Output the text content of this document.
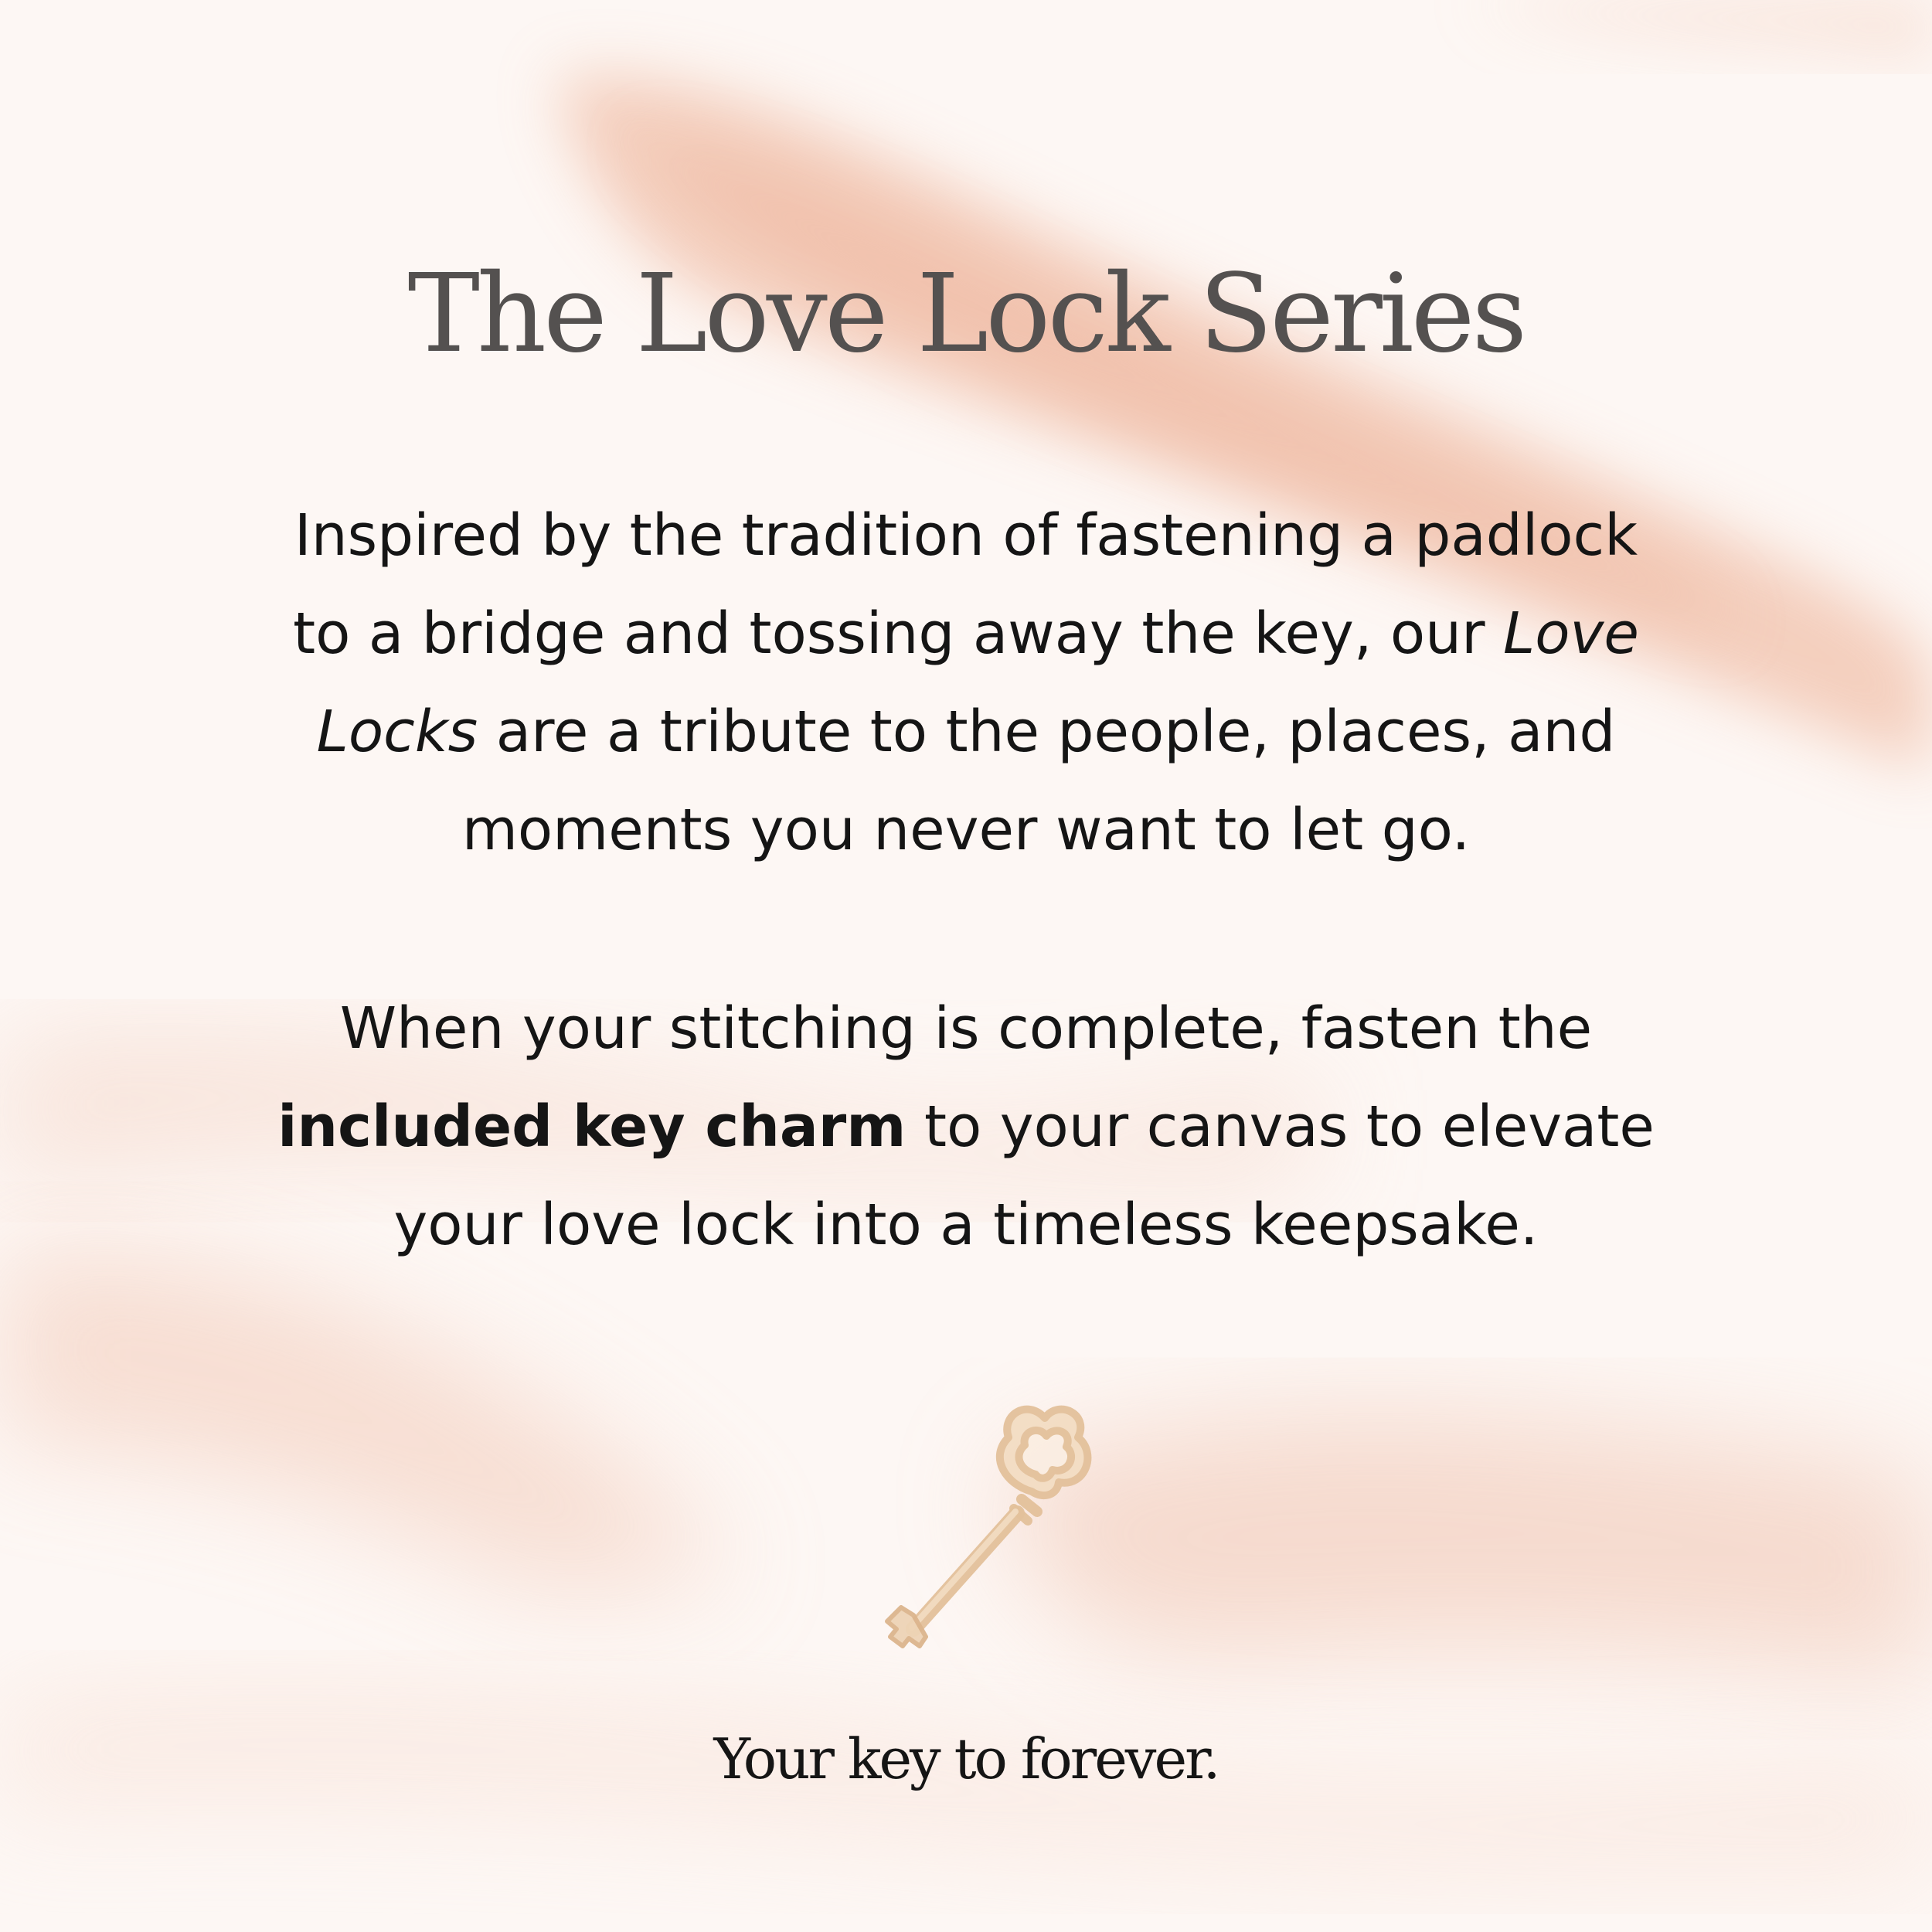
The Love Lock Series

Inspired by the tradition of fastening a padlock
to a bridge and tossing away the key, our Love
Locks are a tribute to the people, places, and
moments you never want to let go.

When your stitching is complete, fasten the
included key charm to your canvas to elevate
your love lock into a timeless keepsake.

Your key to forever.
